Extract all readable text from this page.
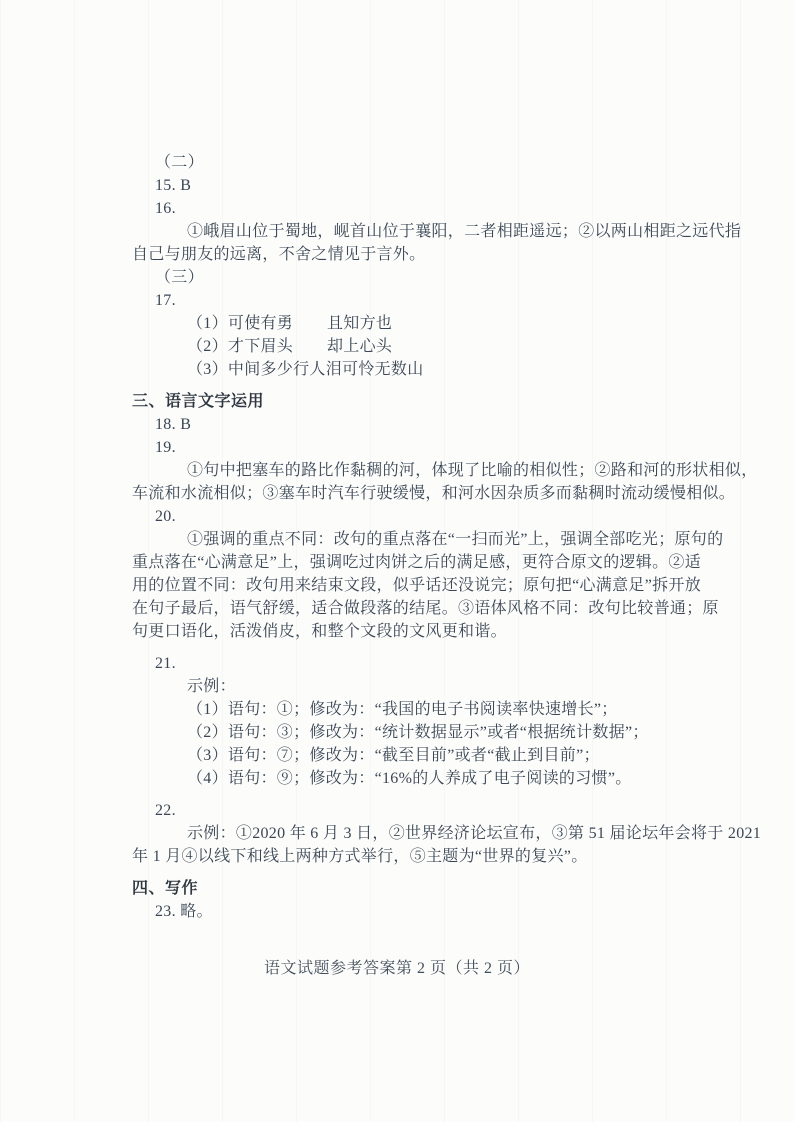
（二）
15. B
16.
①峨眉山位于蜀地，岘首山位于襄阳，二者相距遥远；②以两山相距之远代指
自己与朋友的远离，不舍之情见于言外。
（三）
17.
（1）可使有勇	且知方也
（2）才下眉头	却上心头
（3）中间多少行人泪 可怜无数山
三、语言文字运用
18. B
19.
①句中把塞车的路比作黏稠的河，体现了比喻的相似性；②路和河的形状相似，
车流和水流相似；③塞车时汽车行驶缓慢，和河水因杂质多而黏稠时流动缓慢相似。
20.
①强调的重点不同：改句的重点落在“一扫而光”上，强调全部吃光；原句的
重点落在“心满意足”上，强调吃过肉饼之后的满足感，更符合原文的逻辑。②适
用的位置不同：改句用来结束文段，似乎话还没说完；原句把“心满意足”拆开放
在句子最后，语气舒缓，适合做段落的结尾。③语体风格不同：改句比较普通；原
句更口语化，活泼俏皮，和整个文段的文风更和谐。
21.
示例：
（1）语句：①；修改为：“我国的电子书阅读率快速增长”；
（2）语句：③；修改为：“统计数据显示”或者“根据统计数据”；
（3）语句：⑦；修改为：“截至目前”或者“截止到目前”；
（4）语句：⑨；修改为：“16%的人养成了电子阅读的习惯”。
22.
示例：①2020 年 6 月 3 日，②世界经济论坛宣布，③第 51 届论坛年会将于 2021
年 1 月④以线下和线上两种方式举行，⑤主题为“世界的复兴”。
四、写作
23. 略。
语文试题参考答案第 2 页（共 2 页）
